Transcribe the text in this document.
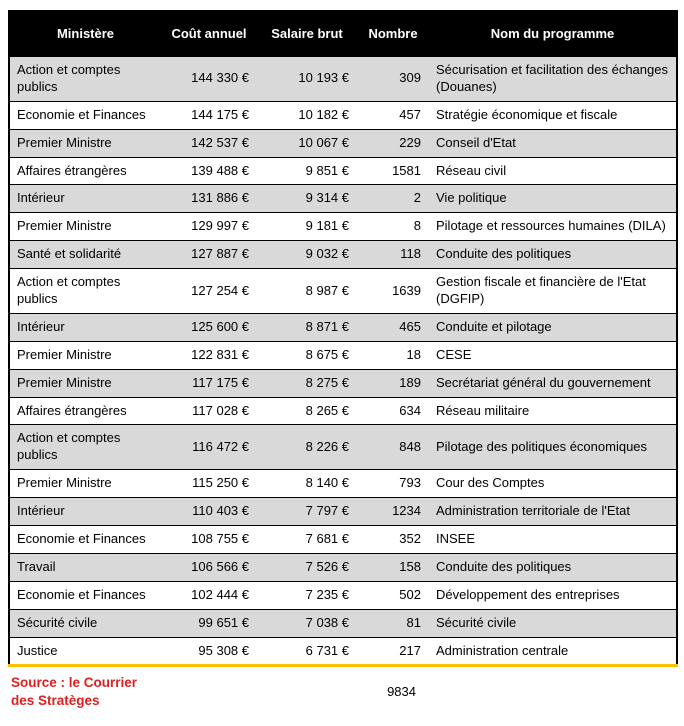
Ministère	Coût annuel	Salaire brut	Nombre	Nom du programme
Action et comptes publics	144 330 €	10 193 €	309	Sécurisation et facilitation des échanges (Douanes)
Economie et Finances	144 175 €	10 182 €	457	Stratégie économique et fiscale
Premier Ministre	142 537 €	10 067 €	229	Conseil d'Etat
Affaires étrangères	139 488 €	9 851 €	1581	Réseau civil
Intérieur	131 886 €	9 314 €	2	Vie politique
Premier Ministre	129 997 €	9 181 €	8	Pilotage et ressources humaines (DILA)
Santé et solidarité	127 887 €	9 032 €	118	Conduite des politiques
Action et comptes publics	127 254 €	8 987 €	1639	Gestion fiscale et financière de l'Etat (DGFIP)
Intérieur	125 600 €	8 871 €	465	Conduite et pilotage
Premier Ministre	122 831 €	8 675 €	18	CESE
Premier Ministre	117 175 €	8 275 €	189	Secrétariat général du gouvernement
Affaires étrangères	117 028 €	8 265 €	634	Réseau militaire
Action et comptes publics	116 472 €	8 226 €	848	Pilotage des politiques économiques
Premier Ministre	115 250 €	8 140 €	793	Cour des Comptes
Intérieur	110 403 €	7 797 €	1234	Administration territoriale de l'Etat
Economie et Finances	108 755 €	7 681 €	352	INSEE
Travail	106 566 €	7 526 €	158	Conduite des politiques
Economie et Finances	102 444 €	7 235 €	502	Développement des entreprises
Sécurité civile	99 651 €	7 038 €	81	Sécurité civile
Justice	95 308 €	6 731 €	217	Administration centrale
Source : le Courrier
des Stratèges
9834
